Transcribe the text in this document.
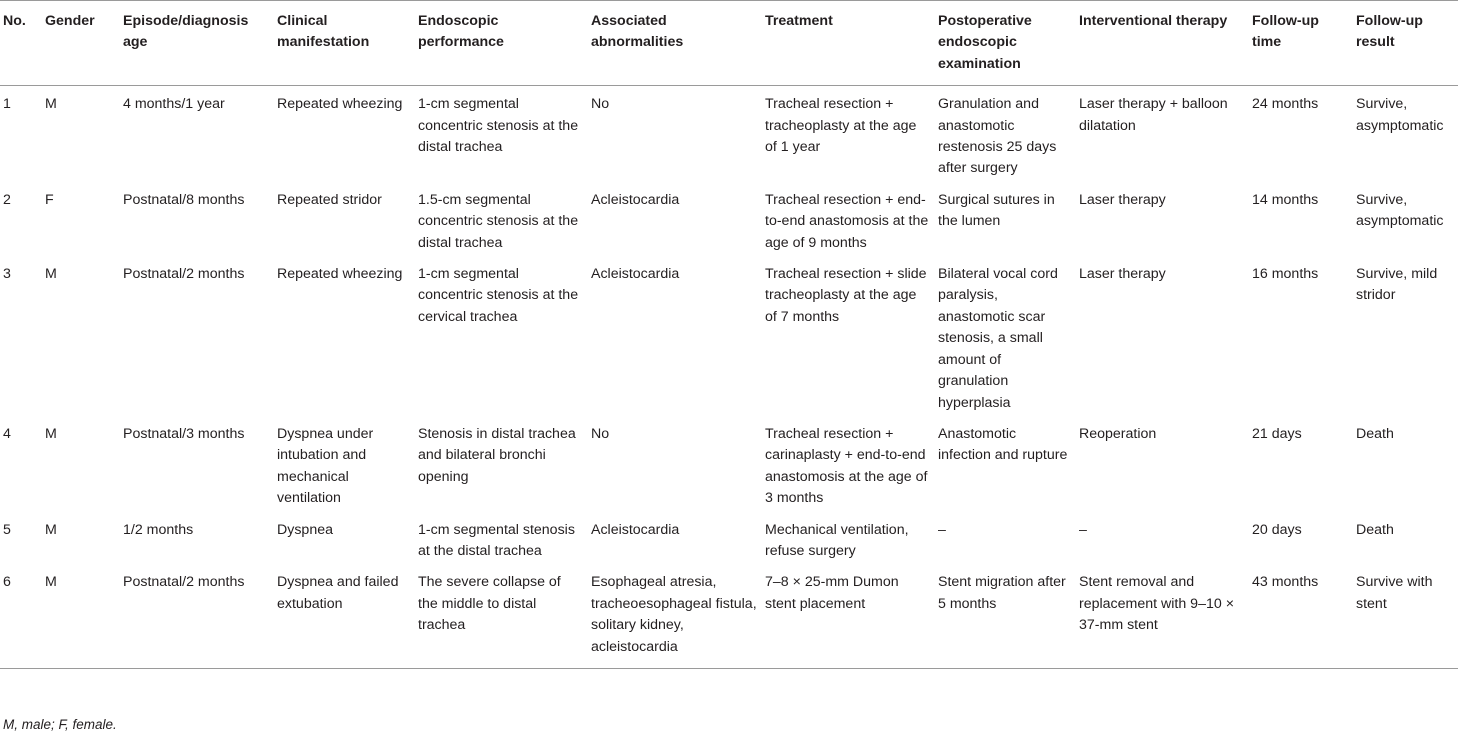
No.	Gender	Episode/diagnosis age	Clinical manifestation	Endoscopic performance	Associated abnormalities	Treatment	Postoperative endoscopic examination	Interventional therapy	Follow-up time	Follow-up result

1	M	4 months/1 year	Repeated wheezing	1-cm segmental concentric stenosis at the distal trachea	No	Tracheal resection + tracheoplasty at the age of 1 year	Granulation and anastomotic restenosis 25 days after surgery	Laser therapy + balloon dilatation	24 months	Survive, asymptomatic

2	F	Postnatal/8 months	Repeated stridor	1.5-cm segmental concentric stenosis at the distal trachea	Acleistocardia	Tracheal resection + end-to-end anastomosis at the age of 9 months	Surgical sutures in the lumen	Laser therapy	14 months	Survive, asymptomatic

3	M	Postnatal/2 months	Repeated wheezing	1-cm segmental concentric stenosis at the cervical trachea	Acleistocardia	Tracheal resection + slide tracheoplasty at the age of 7 months	Bilateral vocal cord paralysis, anastomotic scar stenosis, a small amount of granulation hyperplasia	Laser therapy	16 months	Survive, mild stridor

4	M	Postnatal/3 months	Dyspnea under intubation and mechanical ventilation	Stenosis in distal trachea and bilateral bronchi opening	No	Tracheal resection + carinaplasty + end-to-end anastomosis at the age of 3 months	Anastomotic infection and rupture	Reoperation	21 days	Death

5	M	1/2 months	Dyspnea	1-cm segmental stenosis at the distal trachea	Acleistocardia	Mechanical ventilation, refuse surgery	–	–	20 days	Death

6	M	Postnatal/2 months	Dyspnea and failed extubation	The severe collapse of the middle to distal trachea	Esophageal atresia, tracheoesophageal fistula, solitary kidney, acleistocardia	7–8 × 25-mm Dumon stent placement	Stent migration after 5 months	Stent removal and replacement with 9–10 × 37-mm stent	43 months	Survive with stent
M, male; F, female.
